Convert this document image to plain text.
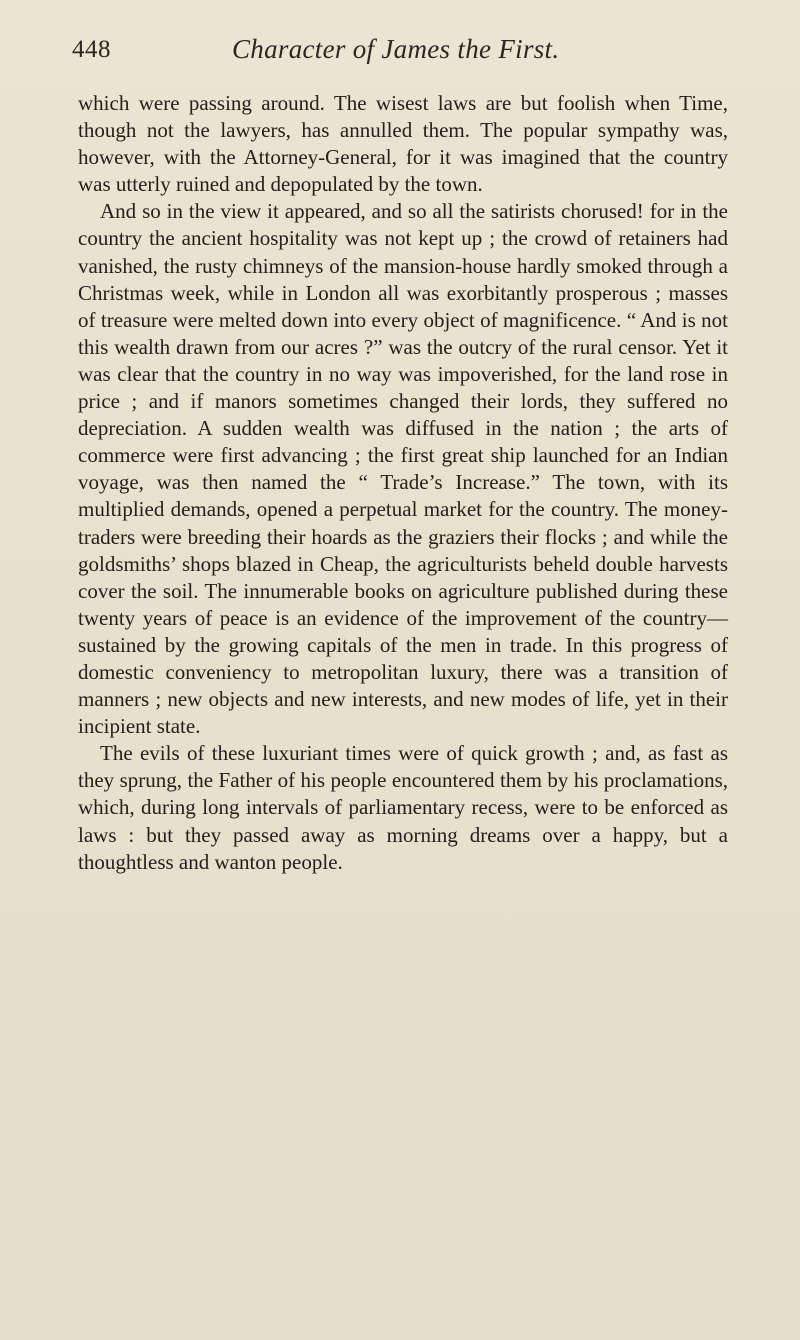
448	Character of James the First.

which were passing around. The wisest laws are but foolish when Time, though not the lawyers, has annulled them. The popular sympathy was, however, with the Attorney-General, for it was imagined that the country was utterly ruined and depopulated by the town.

And so in the view it appeared, and so all the satirists chorused! for in the country the ancient hospitality was not kept up ; the crowd of retainers had vanished, the rusty chimneys of the mansion-house hardly smoked through a Christmas week, while in London all was exorbitantly prosperous ; masses of treasure were melted down into every object of magnificence. “ And is not this wealth drawn from our acres ?” was the outcry of the rural censor. Yet it was clear that the country in no way was impoverished, for the land rose in price ; and if manors sometimes changed their lords, they suffered no depreciation. A sudden wealth was diffused in the nation ; the arts of commerce were first advancing ; the first great ship launched for an Indian voyage, was then named the “ Trade’s Increase.” The town, with its multiplied demands, opened a perpetual market for the country. The money-traders were breeding their hoards as the graziers their flocks ; and while the goldsmiths’ shops blazed in Cheap, the agriculturists beheld double harvests cover the soil. The innumerable books on agriculture published during these twenty years of peace is an evidence of the improvement of the country—sustained by the growing capitals of the men in trade. In this progress of domestic conveniency to metropolitan luxury, there was a transition of manners ; new objects and new interests, and new modes of life, yet in their incipient state.

The evils of these luxuriant times were of quick growth ; and, as fast as they sprung, the Father of his people encountered them by his proclamations, which, during long intervals of parliamentary recess, were to be enforced as laws : but they passed away as morning dreams over a happy, but a thoughtless and wanton people.
